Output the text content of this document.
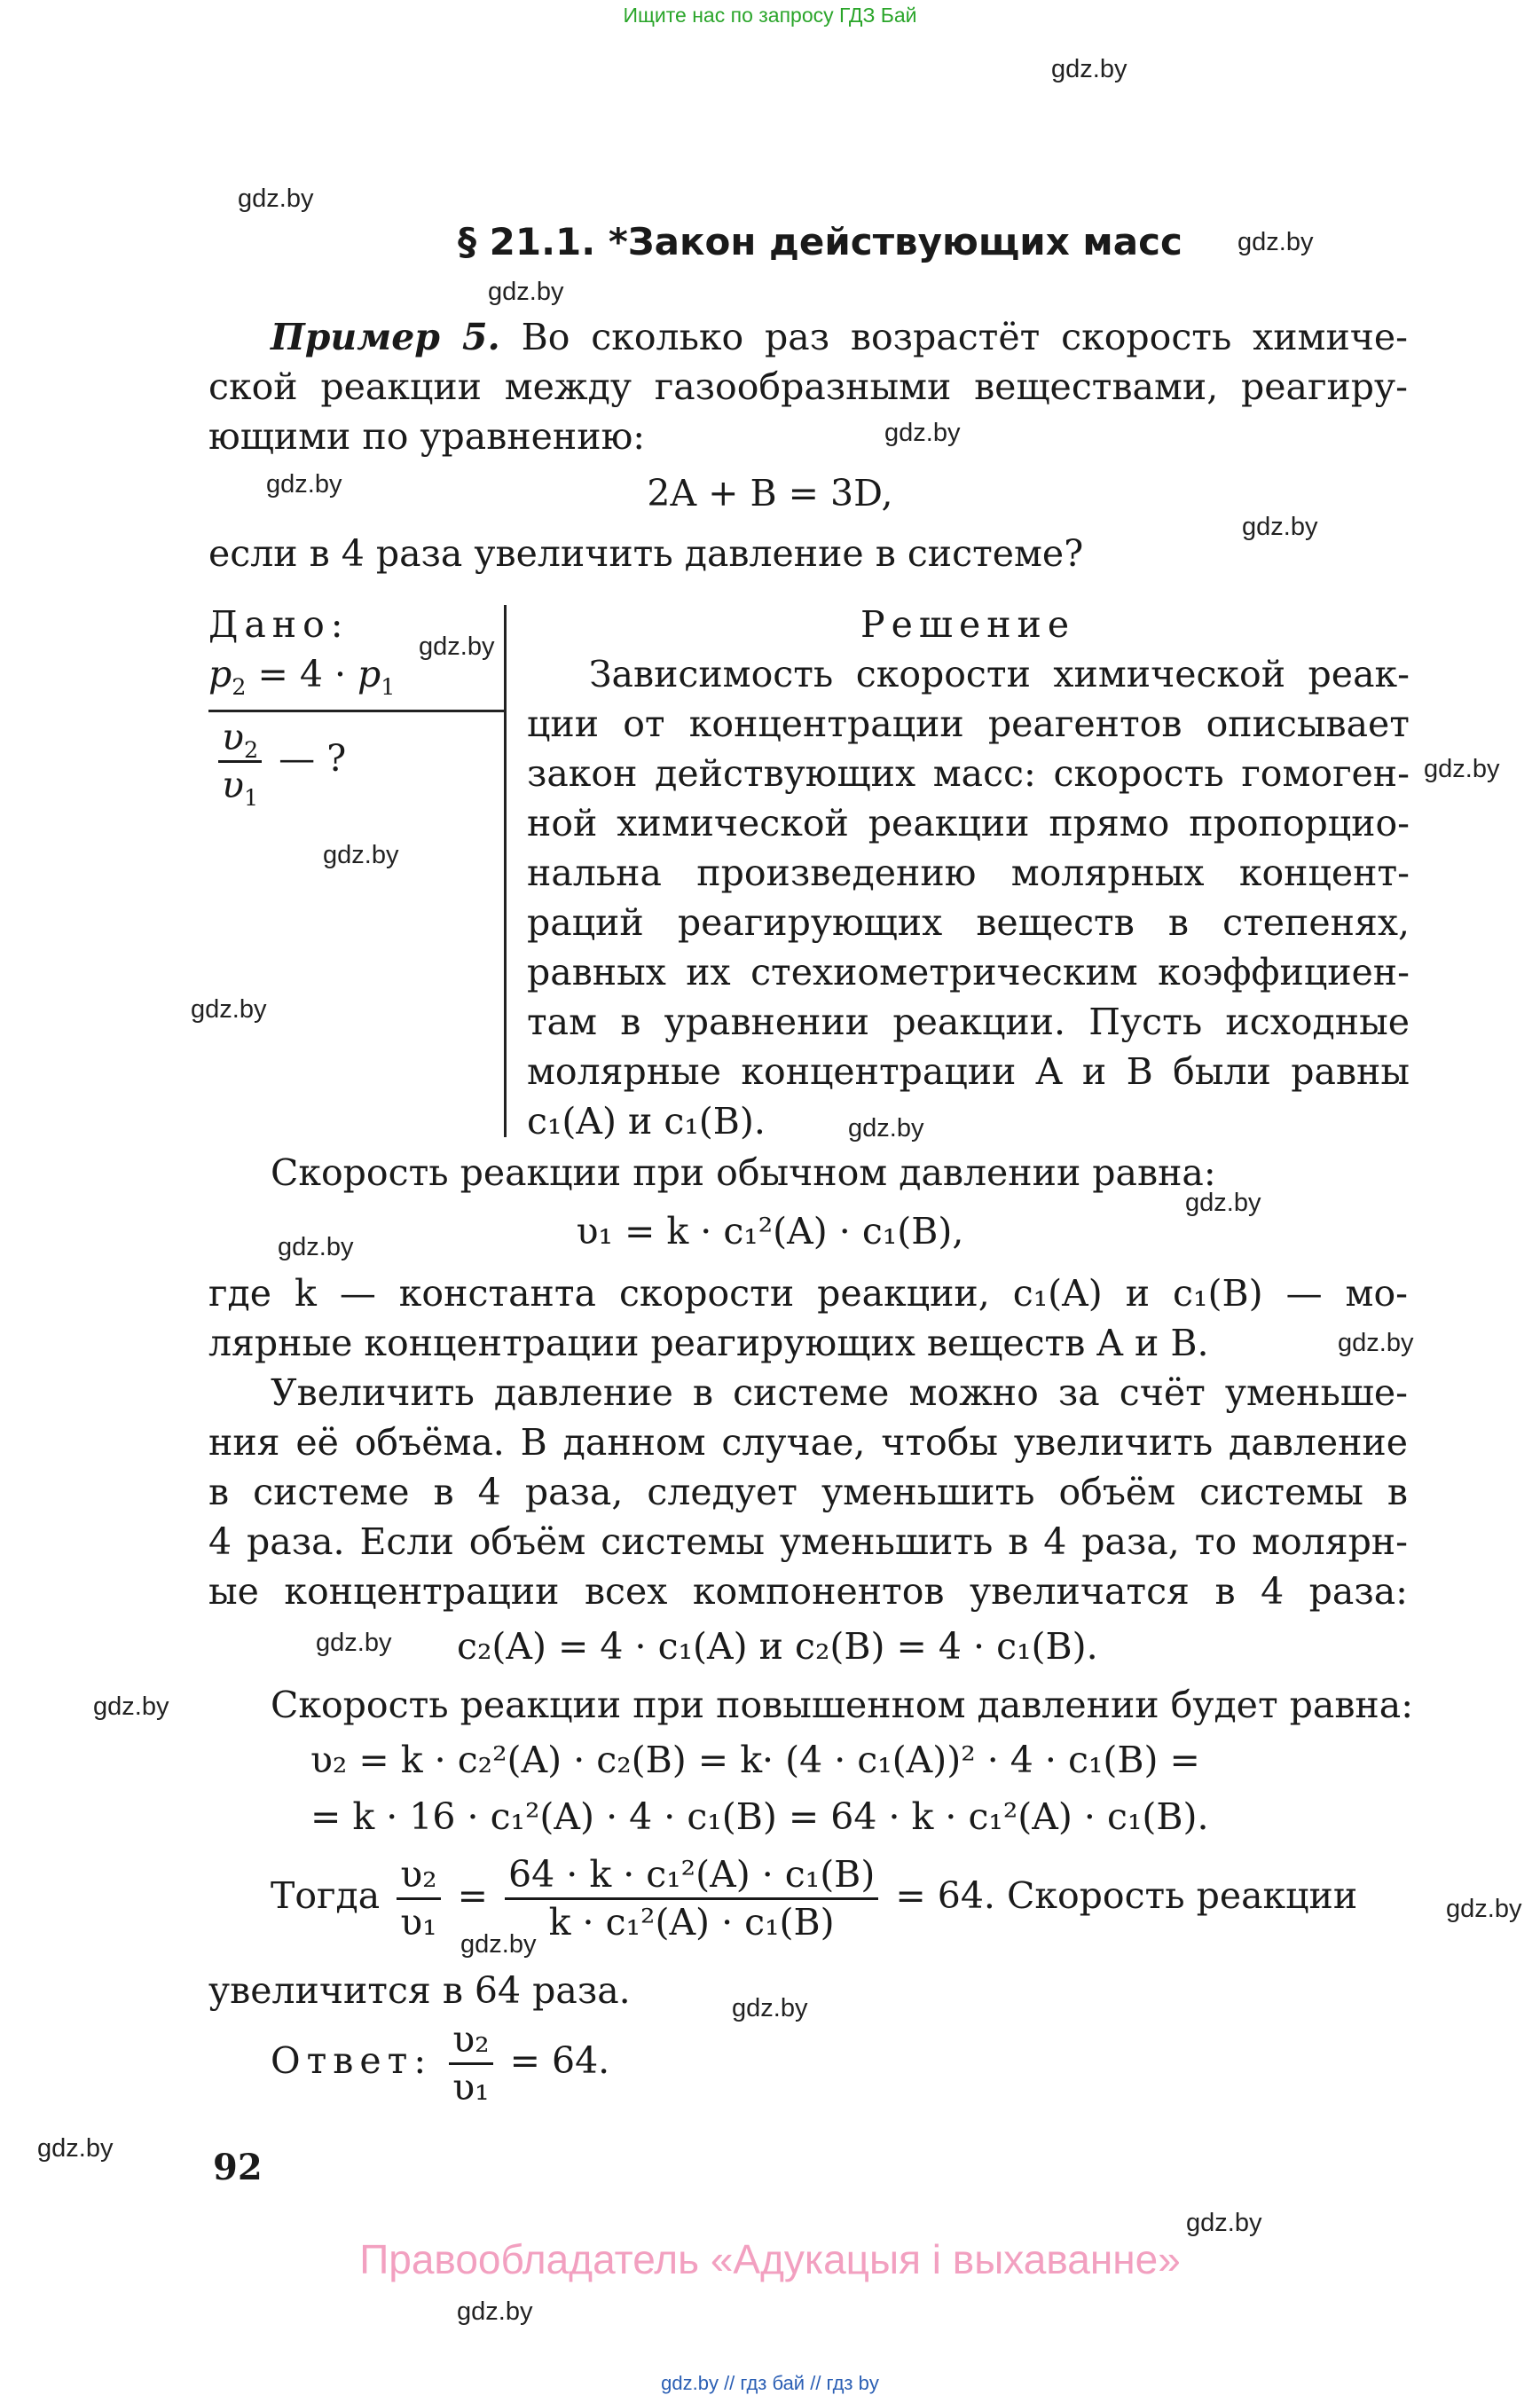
Ищите нас по запросу ГДЗ Бай
gdz.by
gdz.by
gdz.by
gdz.by
gdz.by
gdz.by
gdz.by
gdz.by
gdz.by
gdz.by
gdz.by
gdz.by
gdz.by
gdz.by
gdz.by
gdz.by
gdz.by
gdz.by
gdz.by
gdz.by
gdz.by
gdz.by
gdz.by
§ 21.1. *Закон действующих масс
Пример 5. Во сколько раз возрастёт скорость химиче-
ской реакции между газообразными веществами, реагиру-
ющими по уравнению:
2A + B = 3D,
если в 4 раза увеличить давление в системе?
Дано:
$p_2 = 4 \cdot p_1$
$\frac{\upsilon_2}{\upsilon_1}$ — ?
Решение
Зависимость скорости химической реак-
ции от концентрации реагентов описывает
закон действующих масс: скорость гомоген-
ной химической реакции прямо пропорцио-
нальна произведению молярных концент-
раций реагирующих веществ в степенях,
равных их стехиометрическим коэффициен-
там в уравнении реакции. Пусть исходные
молярные концентрации A и B были равны
c₁(A) и c₁(B).
Скорость реакции при обычном давлении равна:
υ₁ = k · c₁²(A) · c₁(B),
где k — константа скорости реакции, c₁(A) и c₁(B) — мо-
лярные концентрации реагирующих веществ A и B.
Увеличить давление в системе можно за счёт уменьше-
ния её объёма. В данном случае, чтобы увеличить давление
в системе в 4 раза, следует уменьшить объём системы в
4 раза. Если объём системы уменьшить в 4 раза, то молярн-
ые концентрации всех компонентов увеличатся в 4 раза:
c₂(A) = 4 · c₁(A) и c₂(B) = 4 · c₁(B).
Скорость реакции при повышенном давлении будет равна:
υ₂ = k · c₂²(A) · c₂(B) = k· (4 · c₁(A))² · 4 · c₁(B) =
= k · 16 · c₁²(A) · 4 · c₁(B) = 64 · k · c₁²(A) · c₁(B).
Тогда $\frac{\text{υ₂}}{\text{υ₁}} = \frac{\text{64 · k · c₁²(A) · c₁(B)}}{\text{k · c₁²(A) · c₁(B)}} = 64$. Скорость реакции
увеличится в 64 раза.
Ответ: $\frac{\text{υ₂}}{\text{υ₁}} = 64$.
92
Правообладатель «Адукацыя і выхаванне»
gdz.by // гдз бай // гдз by
